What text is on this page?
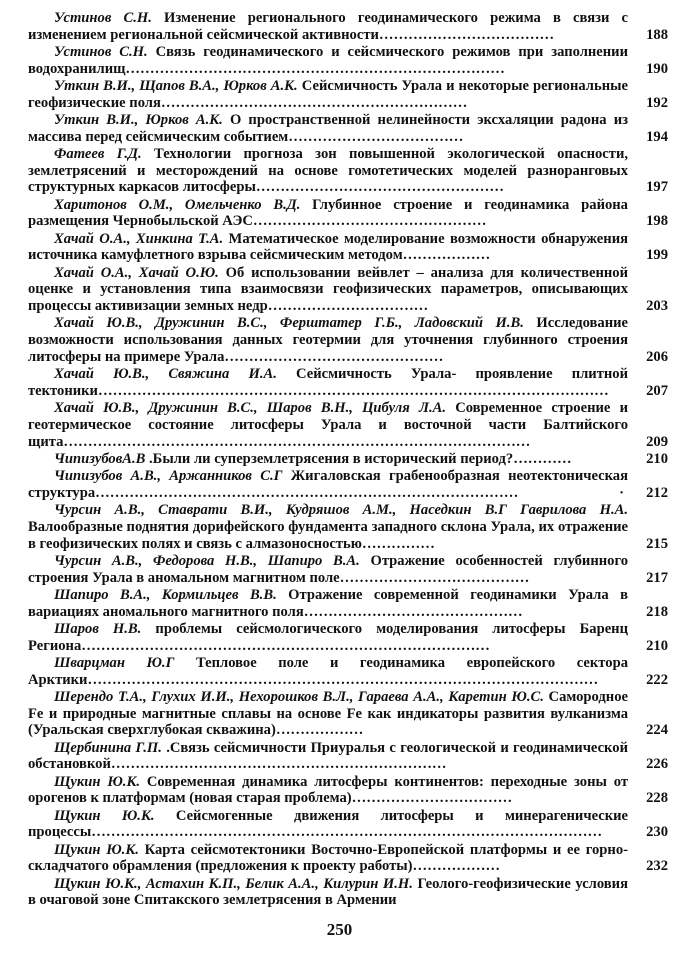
Устинов С.Н. Изменение регионального геодинамического режима в связи с изменением региональной сейсмической активности………………………………	188
Устинов С.Н. Связь геодинамического и сейсмического режимов при заполнении водохранилищ……………………………………………………………………	190
Уткин В.И., Щапов В.А., Юрков А.К. Сейсмичность Урала и некоторые региональные геофизические поля………………………………………………………	192
Уткин В.И., Юрков А.К. О пространственной нелинейности эксхаляции радона из массива перед сейсмическим событием………………………………	194
Фатеев Г.Д. Технологии прогноза зон повышенной экологической опасности, землетрясений и месторождений на основе гомотетических моделей разноранговых структурных каркасов литосферы……………………………………………	197
Харитонов О.М., Омельченко В.Д. Глубинное строение и геодинамика района размещения Чернобыльской АЭС…………………………………………	198
Хачай О.А., Хинкина Т.А. Математическое моделирование возможности обнаружения источника камуфлетного взрыва сейсмическим методом………………	199
Хачай О.А., Хачай О.Ю. Об использовании вейвлет – анализа для количественной оценке и установления типа взаимосвязи геофизических параметров, описывающих процессы активизации земных недр……………………………	203
Хачай Ю.В., Дружинин В.С., Ферштатер Г.Б., Ладовский И.В. Исследование возможности использования данных геотермии для уточнения глубинного строения литосферы на примере Урала………………………………………	206
Хачай Ю.В., Свяжина И.А. Сейсмичность Урала- проявление плитной тектоники……………………………………………………………………………………………	207
Хачай Ю.В., Дружинин В.С., Шаров В.Н., Цибуля Л.А. Современное строение и геотермическое состояние литосферы Урала и восточной части Балтийского щита……………………………………………………………………………………	209
ЧипизубовА.В .Были ли суперземлетрясения в исторический период?…………	210
Чипизубов А.В., Аржанников С.Г Жигаловская грабенообразная неотектоническая структура……………………………………………………………………………	·	212
Чурсин А.В., Ставрати В.И., Кудряшов А.М., Наседкин В.Г Гаврилова Н.А. Валообразные поднятия дорифейского фундамента западного склона Урала, их отражение в геофизических полях и связь с алмазоносностью……………	215
Чурсин А.В., Федорова Н.В., Шапиро В.А. Отражение особенностей глубинного строения Урала в аномальном магнитном поле…………………………………	217
Шапиро В.А., Кормильцев В.В. Отражение современной геодинамики Урала в вариациях аномального магнитного поля………………………………………	218
Шаров Н.В. проблемы сейсмологического моделирования литосферы Баренц Региона…………………………………………………………………………	210
Шварцман Ю.Г Тепловое поле и геодинамика европейского сектора Арктики……………………………………………………………………………………………	222
Шерендо Т.А., Глухих И.И., Нехорошков В.Л., Гараева А.А., Каретин Ю.С. Самородное Fe и природные магнитные сплавы на основе Fe как индикаторы развития вулканизма (Уральская сверхглубокая скважина)………………	224
Щербинина Г.П. .Связь сейсмичности Приуралья с геологической и геодинамической обстановкой……………………………………………………………	226
Щукин Ю.К. Современная динамика литосферы континентов: переходные зоны от орогенов к платформам (новая старая проблема)……………………………	228
Щукин Ю.К. Сейсмогенные движения литосферы и минерагенические процессы……………………………………………………………………………………………	230
Щукин Ю.К. Карта сейсмотектоники Восточно-Европейской платформы и ее горно-складчатого обрамления (предложения к проекту работы)………………	232
Щукин Ю.К., Астахин К.П., Белик А.А., Килурин И.Н. Геолого-геофизические условия в очаговой зоне Спитакского землетрясения в Армении
250
